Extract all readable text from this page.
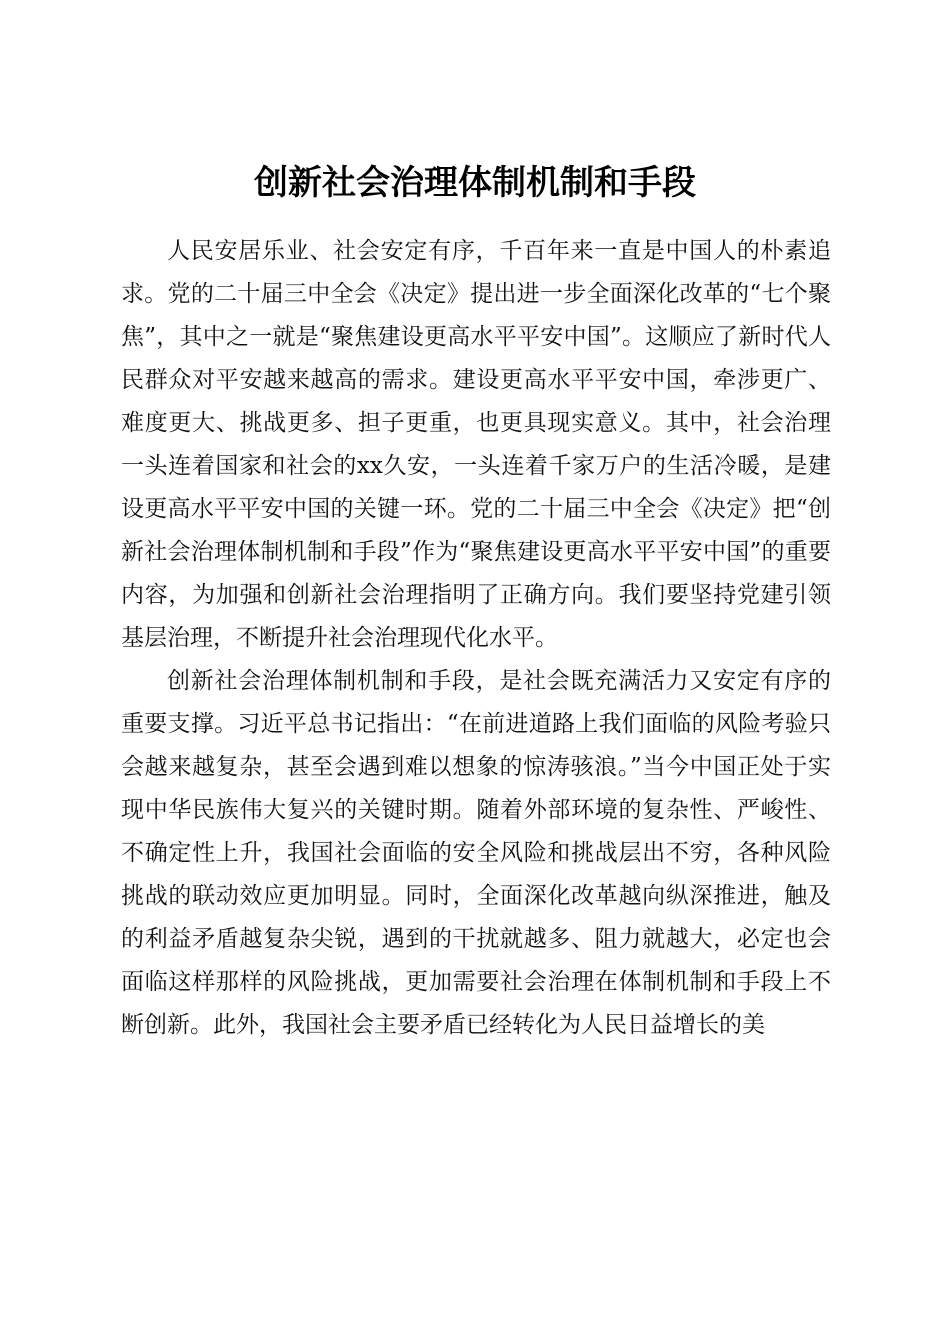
创新社会治理体制机制和手段

人民安居乐业、社会安定有序，千百年来一直是中国人的朴素追求。党的二十届三中全会《决定》提出进一步全面深化改革的“七个聚焦”，其中之一就是“聚焦建设更高水平平安中国”。这顺应了新时代人民群众对平安越来越高的需求。建设更高水平平安中国，牵涉更广、难度更大、挑战更多、担子更重，也更具现实意义。其中，社会治理一头连着国家和社会的xx久安，一头连着千家万户的生活冷暖，是建设更高水平平安中国的关键一环。党的二十届三中全会《决定》把“创新社会治理体制机制和手段”作为“聚焦建设更高水平平安中国”的重要内容，为加强和创新社会治理指明了正确方向。我们要坚持党建引领基层治理，不断提升社会治理现代化水平。

创新社会治理体制机制和手段，是社会既充满活力又安定有序的重要支撑。习近平总书记指出：“在前进道路上我们面临的风险考验只会越来越复杂，甚至会遇到难以想象的惊涛骇浪。”当今中国正处于实现中华民族伟大复兴的关键时期。随着外部环境的复杂性、严峻性、不确定性上升，我国社会面临的安全风险和挑战层出不穷，各种风险挑战的联动效应更加明显。同时，全面深化改革越向纵深推进，触及的利益矛盾越复杂尖锐，遇到的干扰就越多、阻力就越大，必定也会面临这样那样的风险挑战，更加需要社会治理在体制机制和手段上不断创新。此外，我国社会主要矛盾已经转化为人民日益增长的美
